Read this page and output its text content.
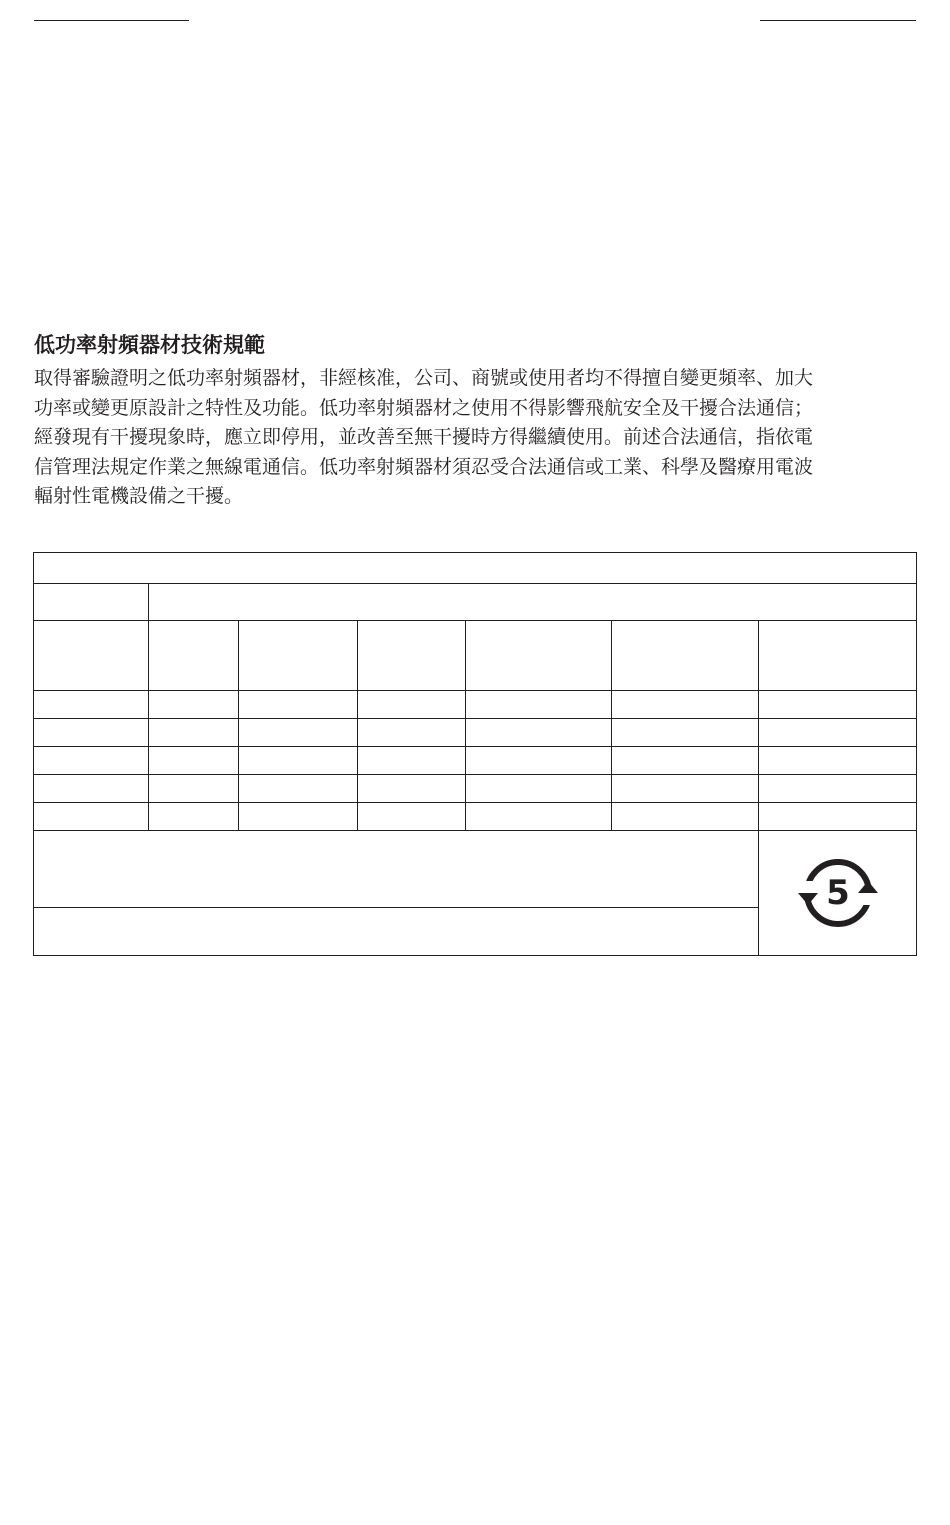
低功率射頻器材技術規範

取得審驗證明之低功率射頻器材，非經核准，公司、商號或使用者均不得擅自變更頻率、加大
功率或變更原設計之特性及功能。低功率射頻器材之使用不得影響飛航安全及干擾合法通信；
經發現有干擾現象時，應立即停用，並改善至無干擾時方得繼續使用。前述合法通信，指依電
信管理法規定作業之無線電通信。低功率射頻器材須忍受合法通信或工業、科學及醫療用電波
輻射性電機設備之干擾。

5
